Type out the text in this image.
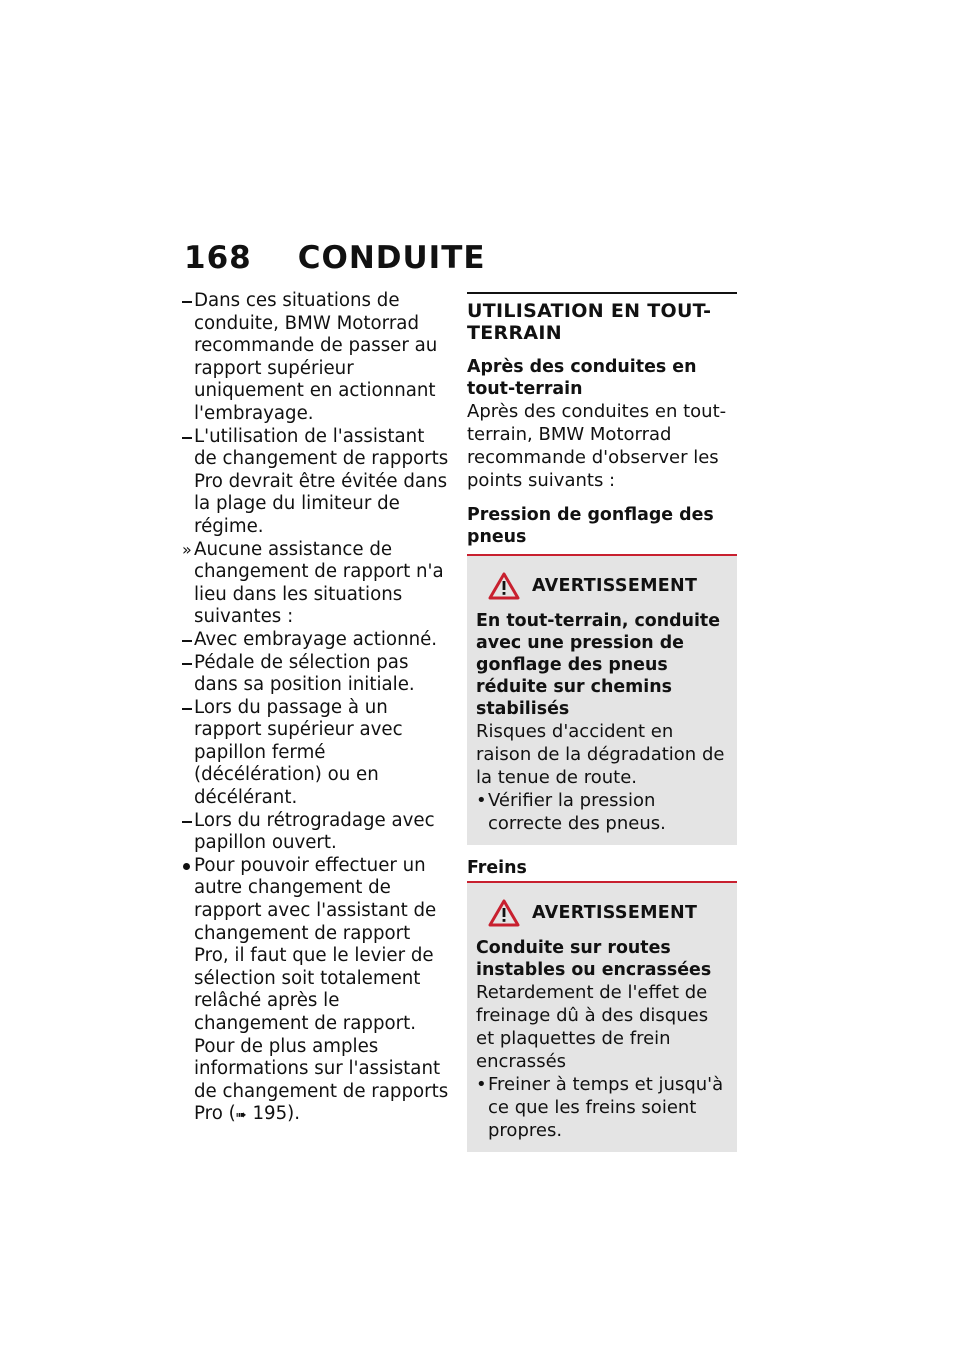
168 CONDUITE
Dans ces situations de conduite, BMW Motorrad recommande de passer au rapport supérieur uniquement en actionnant l'embrayage.
L'utilisation de l'assistant de changement de rapports Pro devrait être évitée dans la plage du limiteur de régime.
» Aucune assistance de changement de rapport n'a lieu dans les situations suivantes :
Avec embrayage actionné.
Pédale de sélection pas dans sa position initiale.
Lors du passage à un rapport supérieur avec papillon fermé (décélération) ou en décélérant.
Lors du rétrogradage avec papillon ouvert.
Pour pouvoir effectuer un autre changement de rapport avec l'assistant de changement de rapport Pro, il faut que le levier de sélection soit totalement relâché après le changement de rapport. Pour de plus amples informations sur l'assistant de changement de rapports Pro (➠ 195).
UTILISATION EN TOUT-TERRAIN
Après des conduites en tout-terrain
Après des conduites en tout-terrain, BMW Motorrad recommande d'observer les points suivants :
Pression de gonflage des pneus
AVERTISSEMENT
En tout-terrain, conduite avec une pression de gonflage des pneus réduite sur chemins stabilisés
Risques d'accident en raison de la dégradation de la tenue de route.
• Vérifier la pression correcte des pneus.
Freins
AVERTISSEMENT
Conduite sur routes instables ou encrassées
Retardement de l'effet de freinage dû à des disques et plaquettes de frein encrassés
• Freiner à temps et jusqu'à ce que les freins soient propres.
